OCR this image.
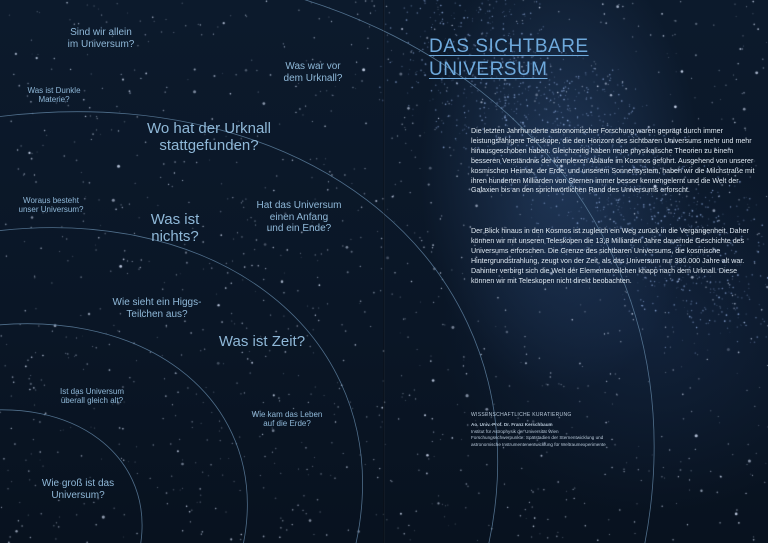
Sind wir allein
im Universum?
Was war vor
dem Urknall?
Was ist Dunkle
Materie?
Wo hat der Urknall
stattgefunden?
Woraus besteht
unser Universum?
Was ist
nichts?
Hat das Universum
einen Anfang
und ein Ende?
Wie sieht ein Higgs-
Teilchen aus?
Was ist Zeit?
Ist das Universum
überall gleich alt?
Wie kam das Leben
auf die Erde?
Wie groß ist das
Universum?
DAS SICHTBARE
UNIVERSUM

Die letzten Jahrhunderte astronomischer Forschung waren geprägt durch immer leistungsfähigere Teleskope, die den Horizont des sichtbaren Universums mehr und mehr hinausgeschoben haben. Gleichzeitig haben neue physikalische Theorien zu einem besseren Verständnis der komplexen Abläufe im Kosmos geführt. Ausgehend von unserer kosmischen Heimat, der Erde, und unserem Sonnensystem, haben wir die Milchstraße mit ihren hunderten Milliarden von Sternen immer besser kennengelernt und die Welt der Galaxien bis an den sprichwörtlichen Rand des Universums erforscht.

Der Blick hinaus in den Kosmos ist zugleich ein Weg zurück in die Vergangenheit. Daher können wir mit unseren Teleskopen die 13,8 Milliarden Jahre dauernde Geschichte des Universums erforschen. Die Grenze des sichtbaren Universums, die kosmische Hintergrundstrahlung, zeugt von der Zeit, als das Universum nur 380.000 Jahre alt war. Dahinter verbirgt sich die Welt der Elementarteilchen knapp nach dem Urknall. Diese können wir mit Teleskopen nicht direkt beobachten.

WISSENSCHAFTLICHE KURATIERUNG
Ao. Univ.-Prof. Dr. Franz Kerschbaum
Institut für Astrophysik der Universität Wien
Forschungsschwerpunkte: Spätstadien der Sternentwicklung und astronomische Instrumentenentwicklung für Weltraumexperimente
